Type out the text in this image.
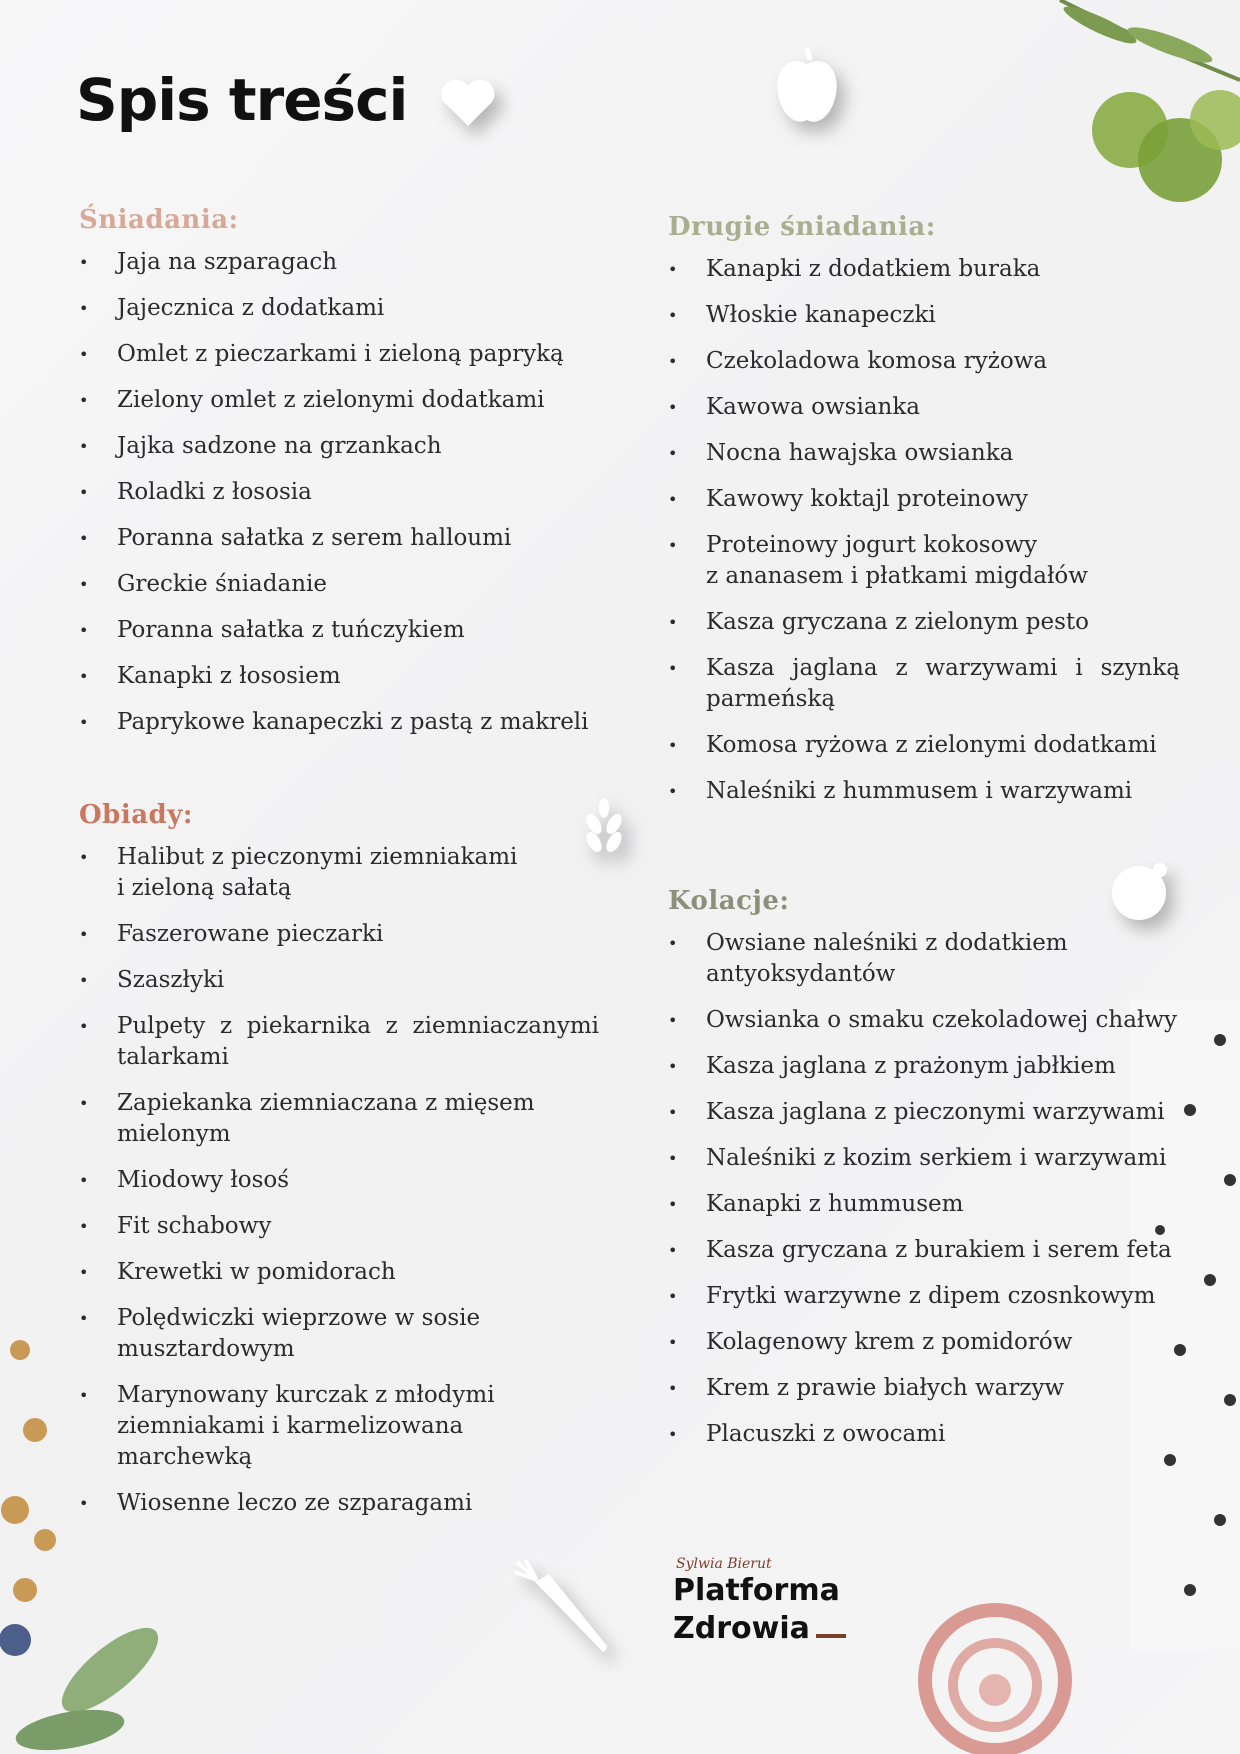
Spis treści
Śniadania:
• Jaja na szparagach
• Jajecznica z dodatkami
• Omlet z pieczarkami i zieloną papryką
• Zielony omlet z zielonymi dodatkami
• Jajka sadzone na grzankach
• Roladki z łososia
• Poranna sałatka z serem halloumi
• Greckie śniadanie
• Poranna sałatka z tuńczykiem
• Kanapki z łososiem
• Paprykowe kanapeczki z pastą z makreli
Obiady:
• Halibut z pieczonymi ziemniakami
i zieloną sałatą
• Faszerowane pieczarki
• Szaszłyki
• Pulpety z piekarnika z ziemniaczanymi talarkami
• Zapiekanka ziemniaczana z mięsem
mielonym
• Miodowy łosoś
• Fit schabowy
• Krewetki w pomidorach
• Polędwiczki wieprzowe w sosie
musztardowym
• Marynowany kurczak z młodymi
ziemniakami i karmelizowana marchewką
• Wiosenne leczo ze szparagami
Drugie śniadania:
• Kanapki z dodatkiem buraka
• Włoskie kanapeczki
• Czekoladowa komosa ryżowa
• Kawowa owsianka
• Nocna hawajska owsianka
• Kawowy koktajl proteinowy
• Proteinowy jogurt kokosowy
z ananasem i płatkami migdałów
• Kasza gryczana z zielonym pesto
• Kasza jaglana z warzywami i szynką parmeńską
• Komosa ryżowa z zielonymi dodatkami
• Naleśniki z hummusem i warzywami
Kolacje:
• Owsiane naleśniki z dodatkiem
antyoksydantów
• Owsianka o smaku czekoladowej chałwy
• Kasza jaglana z prażonym jabłkiem
• Kasza jaglana z pieczonymi warzywami
• Naleśniki z kozim serkiem i warzywami
• Kanapki z hummusem
• Kasza gryczana z burakiem i serem feta
• Frytki warzywne z dipem czosnkowym
• Kolagenowy krem z pomidorów
• Krem z prawie białych warzyw
• Placuszki z owocami
Sylwia Bierut
Platforma
Zdrowia
